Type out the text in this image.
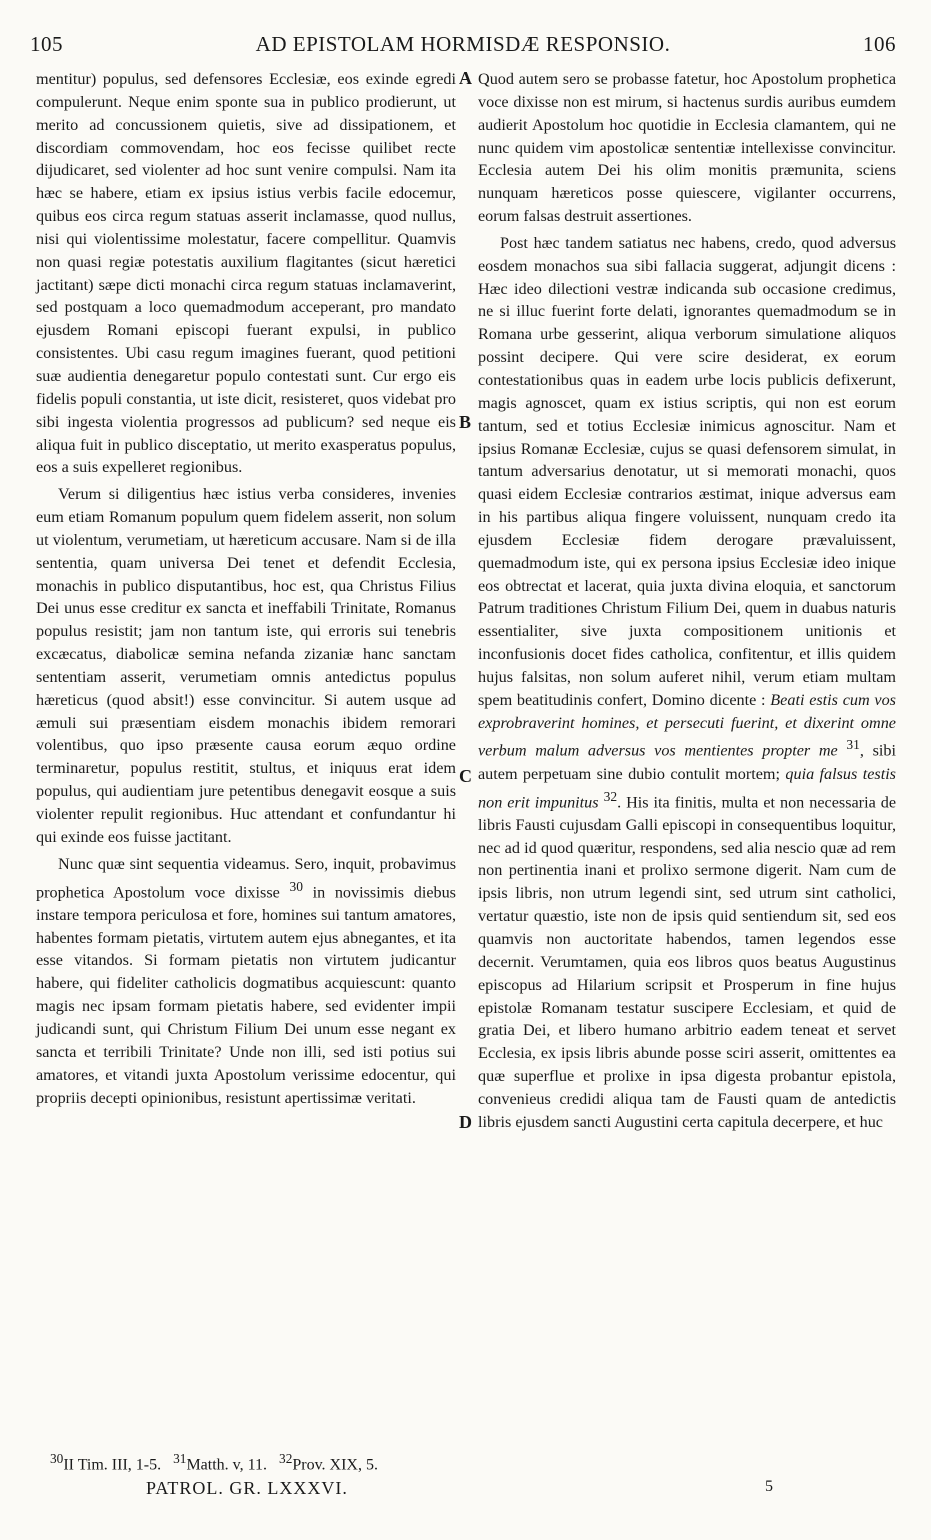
105	AD EPISTOLAM HORMISDÆ RESPONSIO.	106
A
B
C
D

mentitur) populus, sed defensores Ecclesiæ, eos exinde egredi compulerunt. Neque enim sponte sua in publico prodierunt, ut merito ad concussionem quietis, sive ad dissipationem, et discordiam commovendam, hoc eos fecisse quilibet recte dijudicaret, sed violenter ad hoc sunt venire compulsi. Nam ita hæc se habere, etiam ex ipsius istius verbis facile edocemur, quibus eos circa regum statuas asserit inclamasse, quod nullus, nisi qui violentissime molestatur, facere compellitur. Quamvis non quasi regiæ potestatis auxilium flagitantes (sicut hæretici jactitant) sæpe dicti monachi circa regum statuas inclamaverint, sed postquam a loco quemadmodum acceperant, pro mandato ejusdem Romani episcopi fuerant expulsi, in publico consistentes. Ubi casu regum imagines fuerant, quod petitioni suæ audientia denegaretur populo contestati sunt. Cur ergo eis fidelis populi constantia, ut iste dicit, resisteret, quos videbat pro sibi ingesta violentia progressos ad publicum? sed neque eis aliqua fuit in publico disceptatio, ut merito exasperatus populus, eos a suis expelleret regionibus.

Verum si diligentius hæc istius verba consideres, invenies eum etiam Romanum populum quem fidelem asserit, non solum ut violentum, verumetiam, ut hæreticum accusare. Nam si de illa sententia, quam universa Dei tenet et defendit Ecclesia, monachis in publico disputantibus, hoc est, qua Christus Filius Dei unus esse creditur ex sancta et ineffabili Trinitate, Romanus populus resistit; jam non tantum iste, qui erroris sui tenebris excæcatus, diabolicæ semina nefanda zizaniæ hanc sanctam sententiam asserit, verumetiam omnis antedictus populus hæreticus (quod absit!) esse convincitur. Si autem usque ad æmuli sui præsentiam eisdem monachis ibidem remorari volentibus, quo ipso præsente causa eorum æquo ordine terminaretur, populus restitit, stultus, et iniquus erat idem populus, qui audientiam jure petentibus denegavit eosque a suis violenter repulit regionibus. Huc attendant et confundantur hi qui exinde eos fuisse jactitant.

Nunc quæ sint sequentia videamus. Sero, inquit, probavimus prophetica Apostolum voce dixisse $^{30}$ in novissimis diebus instare tempora periculosa et fore, homines sui tantum amatores, habentes formam pietatis, virtutem autem ejus abnegantes, et ita esse vitandos. Si formam pietatis non virtutem judicantur habere, qui fideliter catholicis dogmatibus acquiescunt: quanto magis nec ipsam formam pietatis habere, sed evidenter impii judicandi sunt, qui Christum Filium Dei unum esse negant ex sancta et terribili Trinitate? Unde non illi, sed isti potius sui amatores, et vitandi juxta Apostolum verissime edocentur, qui propriis decepti opinionibus, resistunt apertissimæ veritati.

Quod autem sero se probasse fatetur, hoc Apostolum prophetica voce dixisse non est mirum, si hactenus surdis auribus eumdem audierit Apostolum hoc quotidie in Ecclesia clamantem, qui ne nunc quidem vim apostolicæ sententiæ intellexisse convincitur. Ecclesia autem Dei his olim monitis præmunita, sciens nunquam hæreticos posse quiescere, vigilanter occurrens, eorum falsas destruit assertiones.

Post hæc tandem satiatus nec habens, credo, quod adversus eosdem monachos sua sibi fallacia suggerat, adjungit dicens : Hæc ideo dilectioni vestræ indicanda sub occasione credimus, ne si illuc fuerint forte delati, ignorantes quemadmodum se in Romana urbe gesserint, aliqua verborum simulatione aliquos possint decipere. Qui vere scire desiderat, ex eorum contestationibus quas in eadem urbe locis publicis defixerunt, magis agnoscet, quam ex istius scriptis, qui non est eorum tantum, sed et totius Ecclesiæ inimicus agnoscitur. Nam et ipsius Romanæ Ecclesiæ, cujus se quasi defensorem simulat, in tantum adversarius denotatur, ut si memorati monachi, quos quasi eidem Ecclesiæ contrarios æstimat, inique adversus eam in his partibus aliqua fingere voluissent, nunquam credo ita ejusdem Ecclesiæ fidem derogare prævaluissent, quemadmodum iste, qui ex persona ipsius Ecclesiæ ideo inique eos obtrectat et lacerat, quia juxta divina eloquia, et sanctorum Patrum traditiones Christum Filium Dei, quem in duabus naturis essentialiter, sive juxta compositionem unitionis et inconfusionis docet fides catholica, confitentur, et illis quidem hujus falsitas, non solum auferet nihil, verum etiam multam spem beatitudinis confert, Domino dicente : Beati estis cum vos exprobraverint homines, et persecuti fuerint, et dixerint omne verbum malum adversus vos mentientes propter me $^{31}$, sibi autem perpetuam sine dubio contulit mortem; quia falsus testis non erit impunitus $^{32}$. His ita finitis, multa et non necessaria de libris Fausti cujusdam Galli episcopi in consequentibus loquitur, nec ad id quod quæritur, respondens, sed alia nescio quæ ad rem non pertinentia inani et prolixo sermone digerit. Nam cum de ipsis libris, non utrum legendi sint, sed utrum sint catholici, vertatur quæstio, iste non de ipsis quid sentiendum sit, sed eos quamvis non auctoritate habendos, tamen legendos esse decernit. Verumtamen, quia eos libros quos beatus Augustinus episcopus ad Hilarium scripsit et Prosperum in fine hujus epistolæ Romanam testatur suscipere Ecclesiam, et quid de gratia Dei, et libero humano arbitrio eadem teneat et servet Ecclesia, ex ipsis libris abunde posse sciri asserit, omittentes ea quæ superflue et prolixe in ipsa digesta probantur epistola, convenieus credidi aliqua tam de Fausti quam de antedictis libris ejusdem sancti Augustini certa capitula decerpere, et huc

$^{30}$II Tim. III, 1-5. $^{31}$Matth. v, 11. $^{32}$Prov. XIX, 5.
PATROL. GR. LXXXVI.	5
